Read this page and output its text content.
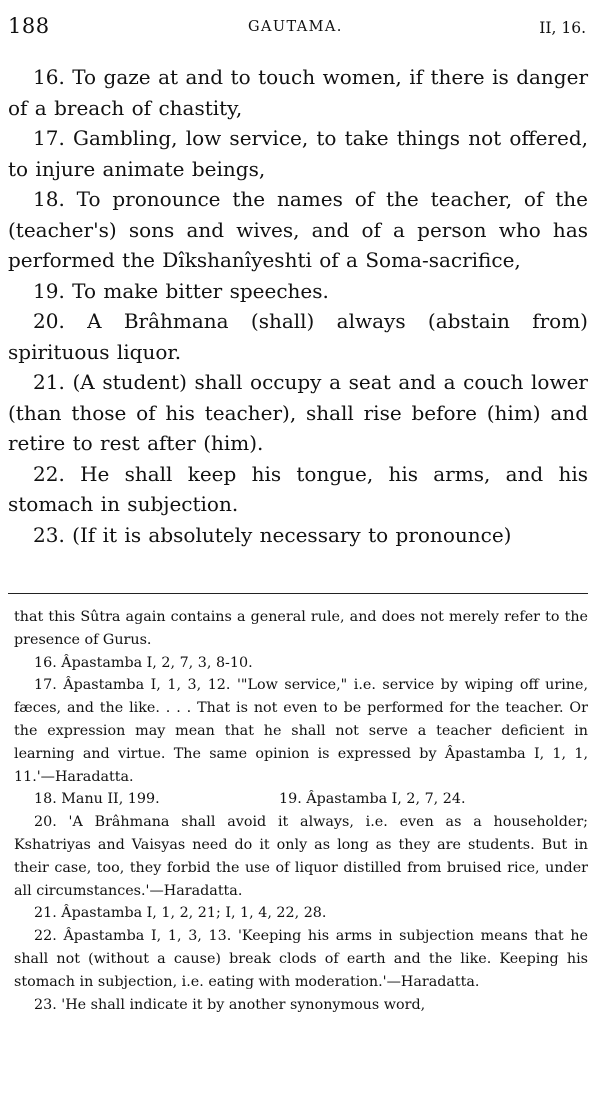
188	GAUTAMA.	II, 16.

16. To gaze at and to touch women, if there is danger of a breach of chastity,

17. Gambling, low service, to take things not offered, to injure animate beings,

18. To pronounce the names of the teacher, of the (teacher's) sons and wives, and of a person who has performed the Dîkshanîyeshti of a Soma-sacrifice,

19. To make bitter speeches.

20. A Brâhmana (shall) always (abstain from) spirituous liquor.

21. (A student) shall occupy a seat and a couch lower (than those of his teacher), shall rise before (him) and retire to rest after (him).

22. He shall keep his tongue, his arms, and his stomach in subjection.

23. (If it is absolutely necessary to pronounce)

that this Sûtra again contains a general rule, and does not merely refer to the presence of Gurus.

16. Âpastamba I, 2, 7, 3, 8-10.

17. Âpastamba I, 1, 3, 12. '"Low service," i.e. service by wiping off urine, fæces, and the like. . . . That is not even to be performed for the teacher. Or the expression may mean that he shall not serve a teacher deficient in learning and virtue. The same opinion is expressed by Âpastamba I, 1, 1, 11.'—Haradatta.

18. Manu II, 199.	19. Âpastamba I, 2, 7, 24.

20. 'A Brâhmana shall avoid it always, i.e. even as a householder; Kshatriyas and Vaisyas need do it only as long as they are students. But in their case, too, they forbid the use of liquor distilled from bruised rice, under all circumstances.'—Haradatta.

21. Âpastamba I, 1, 2, 21; I, 1, 4, 22, 28.

22. Âpastamba I, 1, 3, 13. 'Keeping his arms in subjection means that he shall not (without a cause) break clods of earth and the like. Keeping his stomach in subjection, i.e. eating with moderation.'—Haradatta.

23. 'He shall indicate it by another synonymous word,
